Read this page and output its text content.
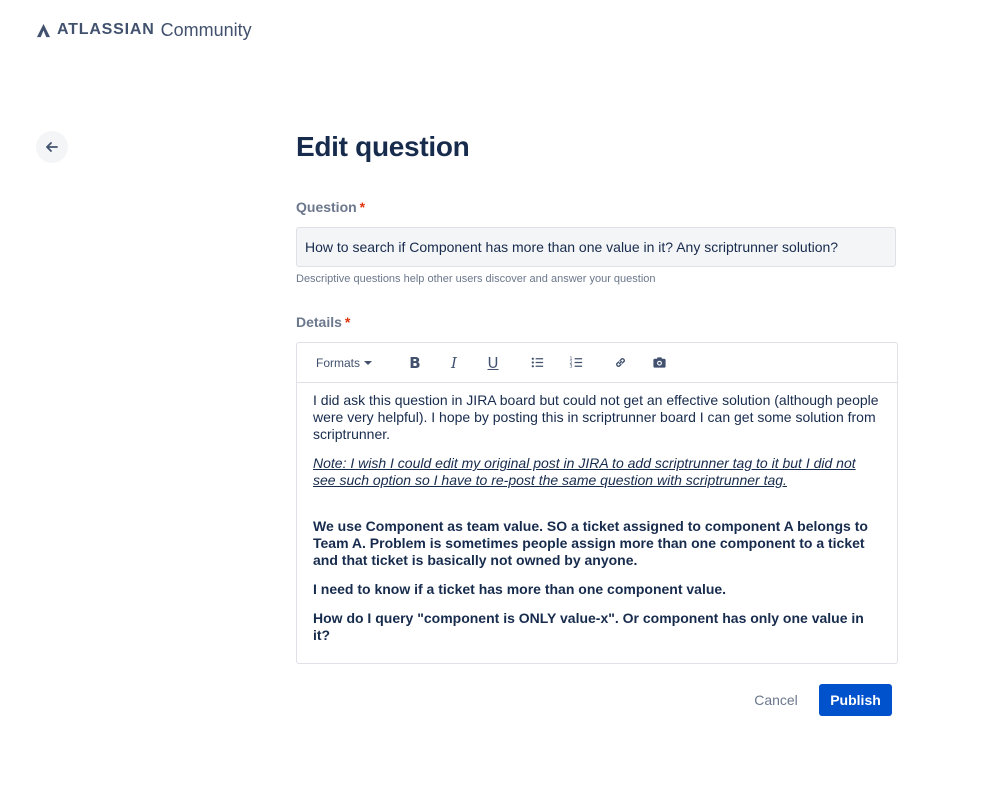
ATLASSIAN Community
Edit question
Question *
How to search if Component has more than one value in it? Any scriptrunner solution?
Descriptive questions help other users discover and answer your question
Details *
Formats	B	I	U	1
2
3

I did ask this question in JIRA board but could not get an effective solution (although people were very helpful). I hope by posting this in scriptrunner board I can get some solution from scriptrunner.

Note: I wish I could edit my original post in JIRA to add scriptrunner tag to it but I did not see such option so I have to re-post the same question with scriptrunner tag.

We use Component as team value. SO a ticket assigned to component A belongs to Team A. Problem is sometimes people assign more than one component to a ticket and that ticket is basically not owned by anyone.

I need to know if a ticket has more than one component value.

How do I query "component is ONLY value-x". Or component has only one value in it?

Cancel	Publish
